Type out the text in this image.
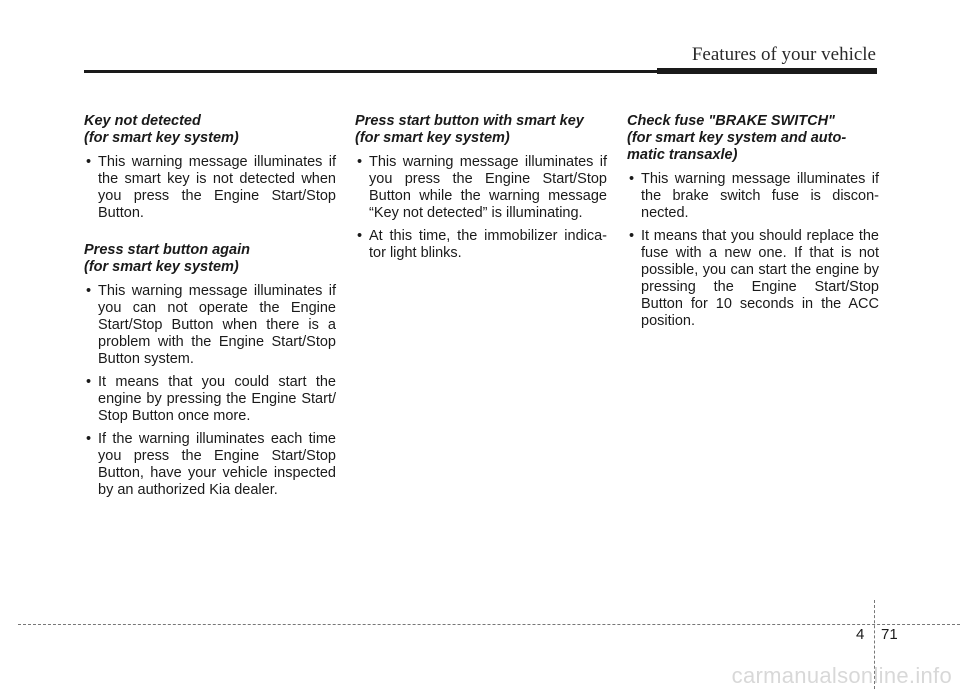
Features of your vehicle

Key not detected
(for smart key system)

• This warning message illuminates if the smart key is not detected when you press the Engine Start/Stop Button.

Press start button again
(for smart key system)

• This warning message illuminates if you can not operate the Engine Start/Stop Button when there is a problem with the Engine Start/Stop Button system.
• It means that you could start the engine by pressing the Engine Start/ Stop Button once more.
• If the warning illuminates each time you press the Engine Start/Stop Button, have your vehicle inspected by an authorized Kia dealer.

Press start button with smart key
(for smart key system)

• This warning message illuminates if you press the Engine Start/Stop Button while the warning message “Key not detected” is illuminating.
• At this time, the immobilizer indica- tor light blinks.

Check fuse "BRAKE SWITCH"
(for smart key system and auto- matic transaxle)

• This warning message illuminates if the brake switch fuse is discon- nected.
• It means that you should replace the fuse with a new one. If that is not possible, you can start the engine by pressing the Engine Start/Stop Button for 10 seconds in the ACC position.
4 71
carmanualsonline.info
